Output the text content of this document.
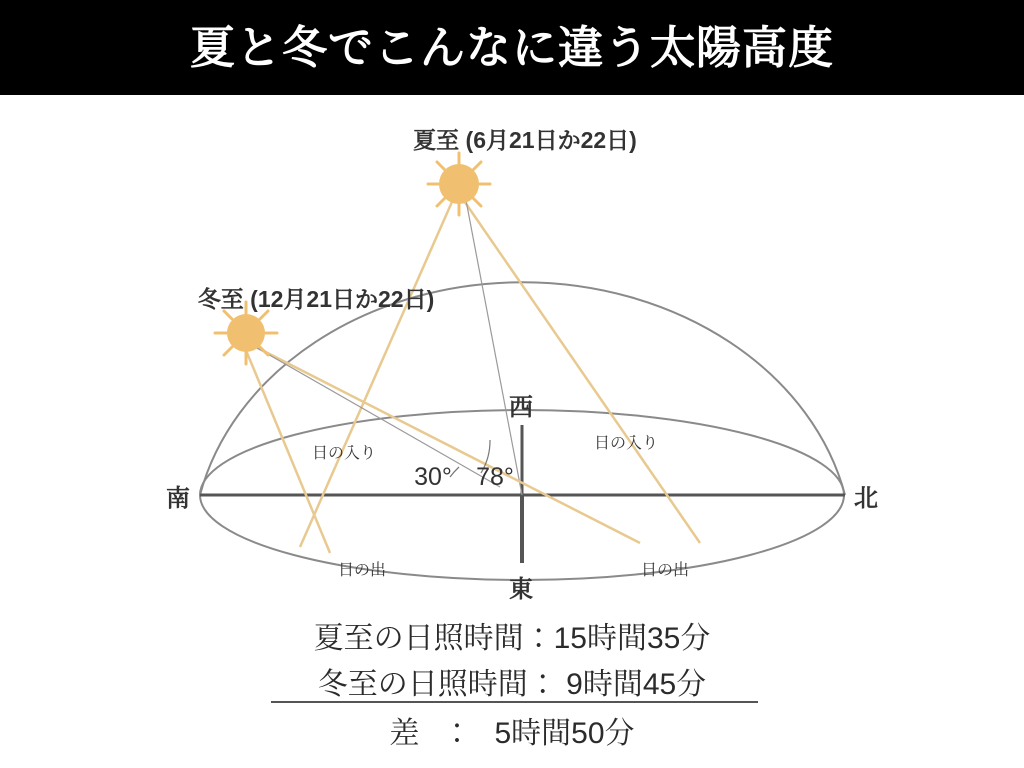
夏と冬でこんなに違う太陽高度
夏至 (6月21日か22日)
冬至 (12月21日か22日)
南	北
西
東
30° 78°
日の入り
日の入り
日の出	日の出
夏至の日照時間：15時間35分
冬至の日照時間： 9時間45分
差　：　5時間50分
